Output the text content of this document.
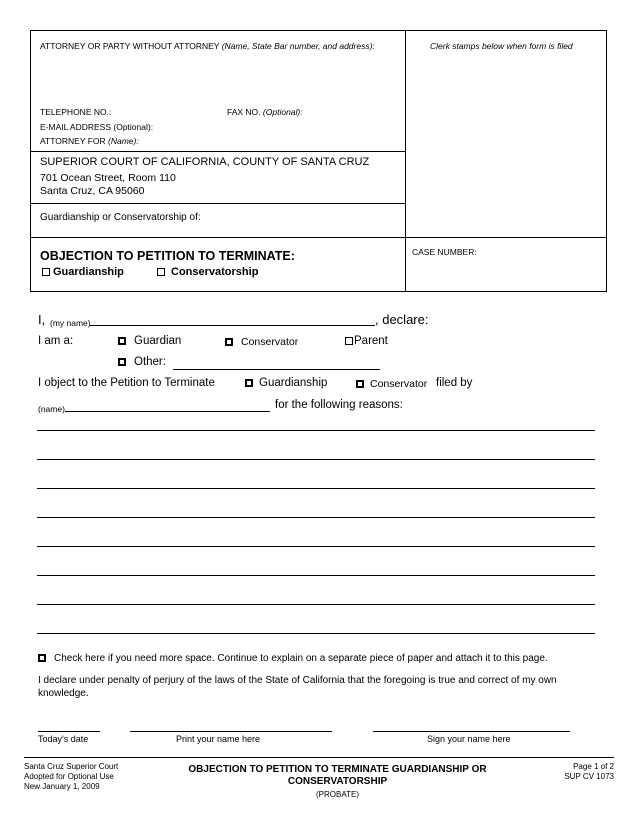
ATTORNEY OR PARTY WITHOUT ATTORNEY (Name, State Bar number, and address):	Clerk stamps below when form is filed
TELEPHONE NO.:	FAX NO. (Optional):
E-MAIL ADDRESS (Optional):
ATTORNEY FOR (Name):
SUPERIOR COURT OF CALIFORNIA, COUNTY OF SANTA CRUZ
701 Ocean Street, Room 110
Santa Cruz, CA 95060
Guardianship or Conservatorship of:
OBJECTION TO PETITION TO TERMINATE:
Guardianship	Conservatorship
CASE NUMBER:
I, (my name)	, declare:
I am a:	Guardian	Conservator	Parent
Other:
I object to the Petition to Terminate	Guardianship	Conservator filed by
(name)	for the following reasons:
Check here if you need more space. Continue to explain on a separate piece of paper and attach it to this page.
I declare under penalty of perjury of the laws of the State of California that the foregoing is true and correct of my own knowledge.
Today's date	Print your name here	Sign your name here
Santa Cruz Superior Court
Adopted for Optional Use
New January 1, 2009
OBJECTION TO PETITION TO TERMINATE GUARDIANSHIP OR CONSERVATORSHIP
(PROBATE)
Page 1 of 2
SUP CV 1073
